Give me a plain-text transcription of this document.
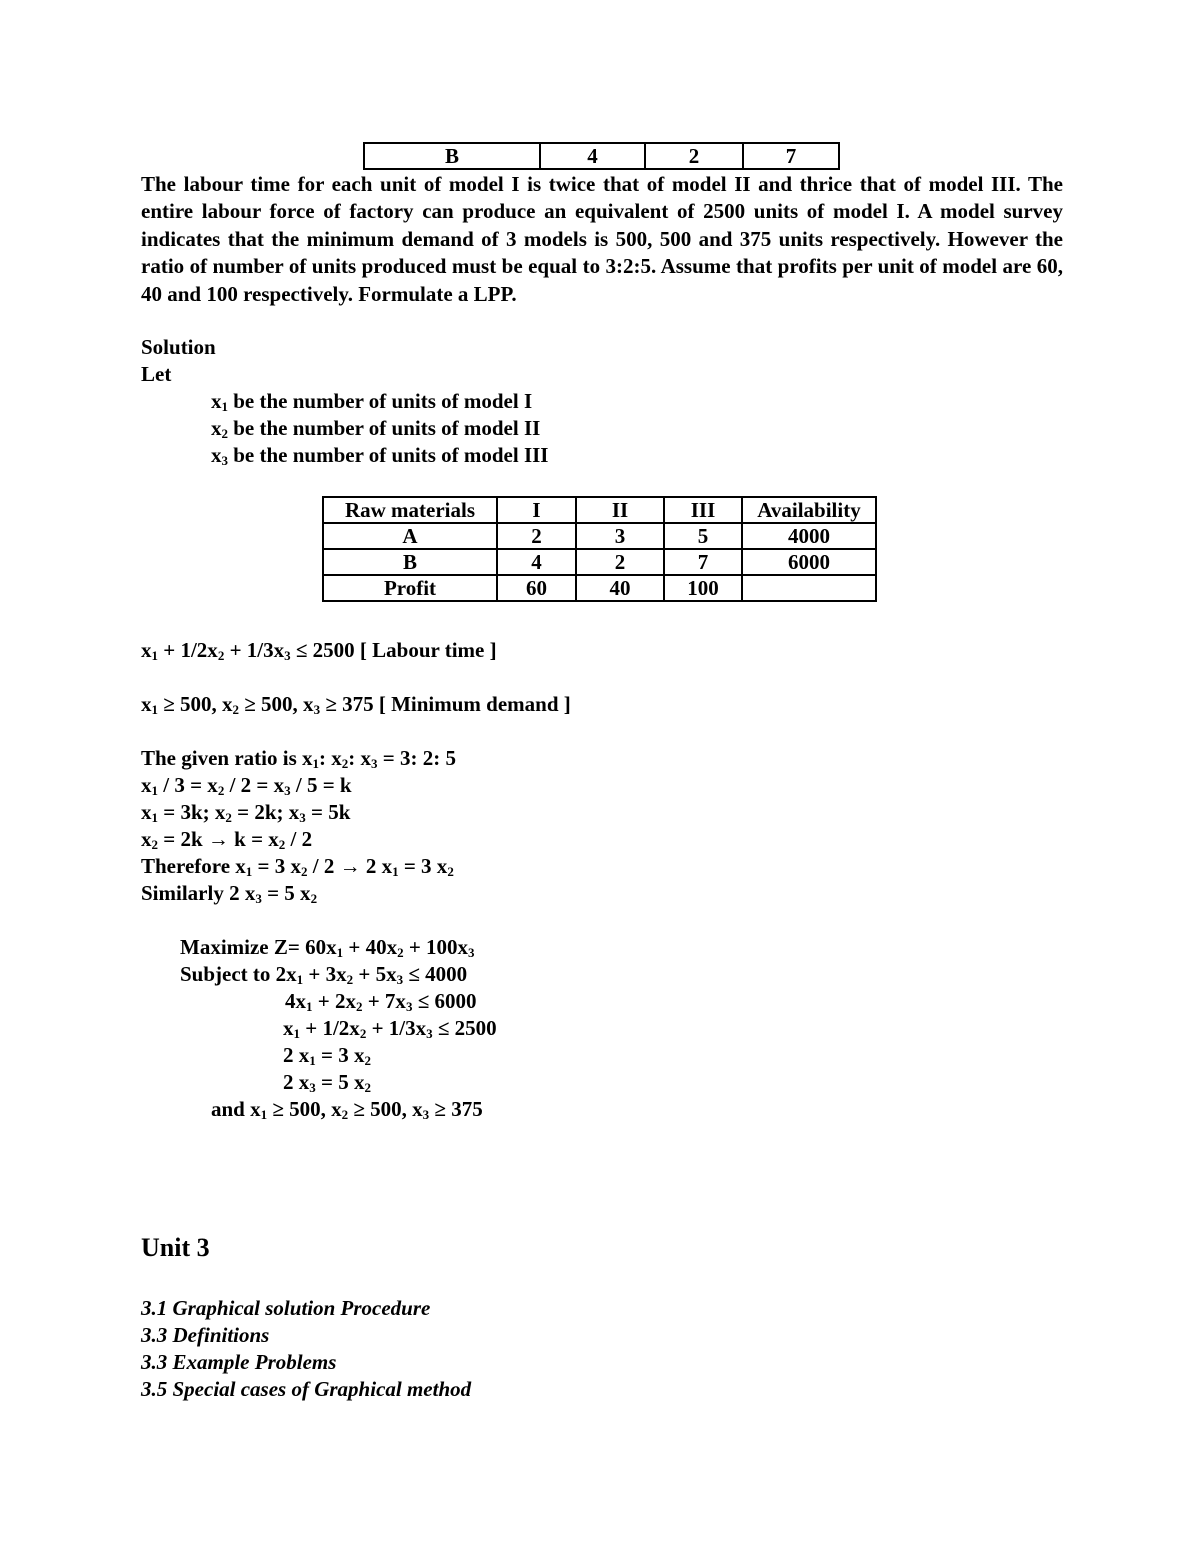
B	4	2	7
The labour time for each unit of model I is twice that of model II and thrice that of model III. The entire labour force of factory can produce an equivalent of 2500 units of model I. A model survey indicates that the minimum demand of 3 models is 500, 500 and 375 units respectively. However the ratio of number of units produced must be equal to 3:2:5. Assume that profits per unit of model are 60, 40 and 100 respectively. Formulate a LPP.
Solution
Let
$x_1$ be the number of units of model I
$x_2$ be the number of units of model II
$x_3$ be the number of units of model III
Raw materials	I	II	III	Availability
A	2	3	5	4000
B	4	2	7	6000
Profit	60	40	100	
$x_1 + 1/2x_2 + 1/3x_3 \le 2500$ [ Labour time ]
$x_1 \ge 500$, $x_2 \ge 500$, $x_3 \ge 375$ [ Minimum demand ]
The given ratio is $x_1$: $x_2$: $x_3 = 3$: 2: 5
$x_1 / 3 = x_2 / 2 = x_3 / 5 = k$
$x_1 = 3k$; $x_2 = 2k$; $x_3 = 5k$
$x_2 = 2k \to k = x_2 / 2$
Therefore $x_1 = 3$ $x_2 / 2 \to 2$ $x_1 = 3$ $x_2$
Similarly 2 $x_3 = 5$ $x_2$
Maximize $Z= 60x_1 + 40x_2 + 100x_3$
Subject to $2x_1 + 3x_2 + 5x_3 \le 4000$
$4x_1 + 2x_2 + 7x_3 \le 6000$
$x_1 + 1/2x_2 + 1/3x_3 \le 2500$
2 $x_1 = 3$ $x_2$
2 $x_3 = 5$ $x_2$
and $x_1 \ge 500$, $x_2 \ge 500$, $x_3 \ge 375$
Unit 3
3.1 Graphical solution Procedure
3.3 Definitions
3.3 Example Problems
3.5 Special cases of Graphical method
